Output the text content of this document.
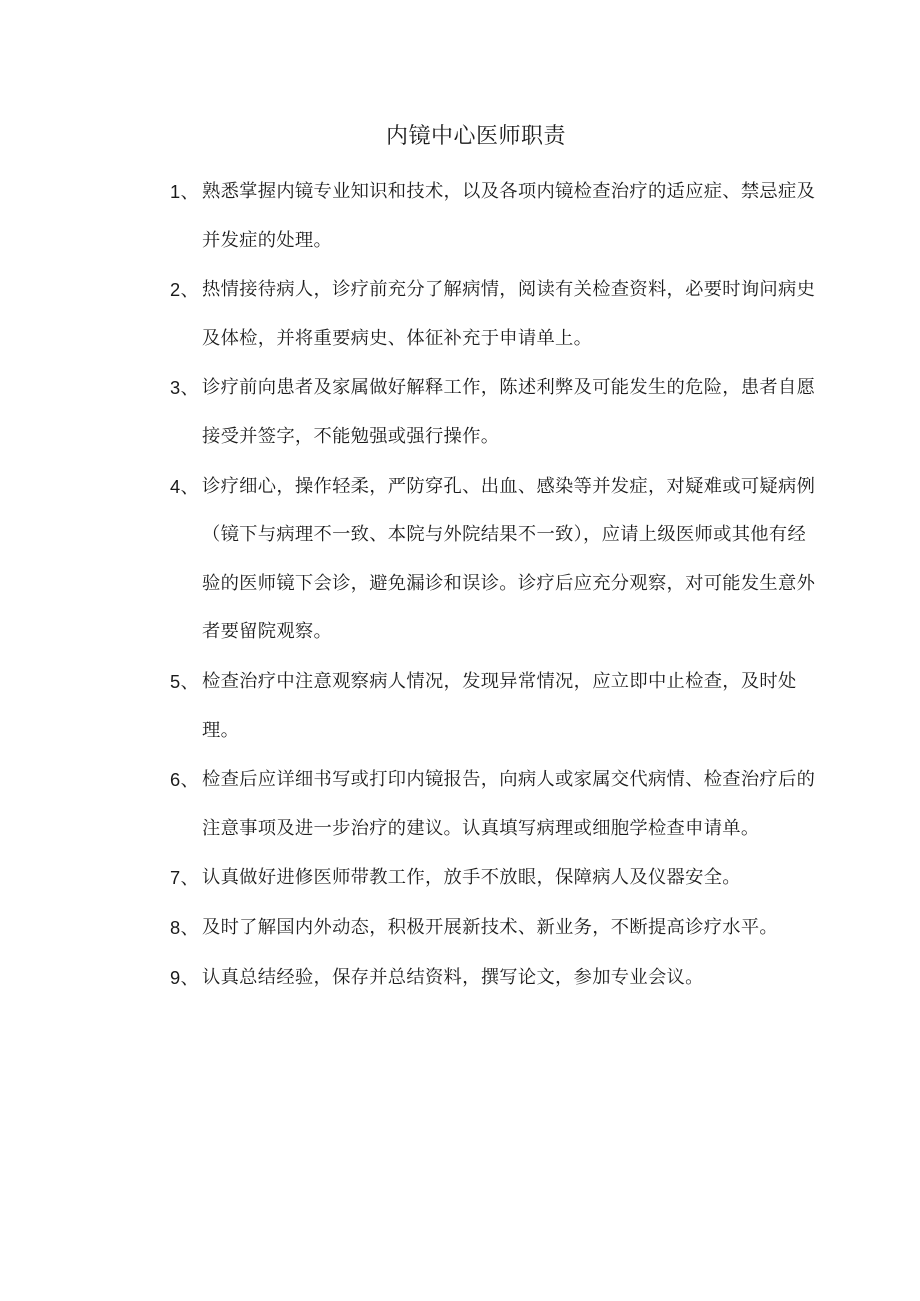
内镜中心医师职责
1、 熟悉掌握内镜专业知识和技术，以及各项内镜检查治疗的适应症、禁忌症及并发症的处理。
2、 热情接待病人，诊疗前充分了解病情，阅读有关检查资料，必要时询问病史及体检，并将重要病史、体征补充于申请单上。
3、 诊疗前向患者及家属做好解释工作，陈述利弊及可能发生的危险，患者自愿接受并签字，不能勉强或强行操作。
4、 诊疗细心，操作轻柔，严防穿孔、出血、感染等并发症，对疑难或可疑病例（镜下与病理不一致、本院与外院结果不一致），应请上级医师或其他有经验的医师镜下会诊，避免漏诊和误诊。诊疗后应充分观察，对可能发生意外者要留院观察。
5、 检查治疗中注意观察病人情况，发现异常情况，应立即中止检查，及时处理。
6、 检查后应详细书写或打印内镜报告，向病人或家属交代病情、检查治疗后的注意事项及进一步治疗的建议。认真填写病理或细胞学检查申请单。
7、 认真做好进修医师带教工作，放手不放眼，保障病人及仪器安全。
8、 及时了解国内外动态，积极开展新技术、新业务，不断提高诊疗水平。
9、 认真总结经验，保存并总结资料，撰写论文，参加专业会议。
